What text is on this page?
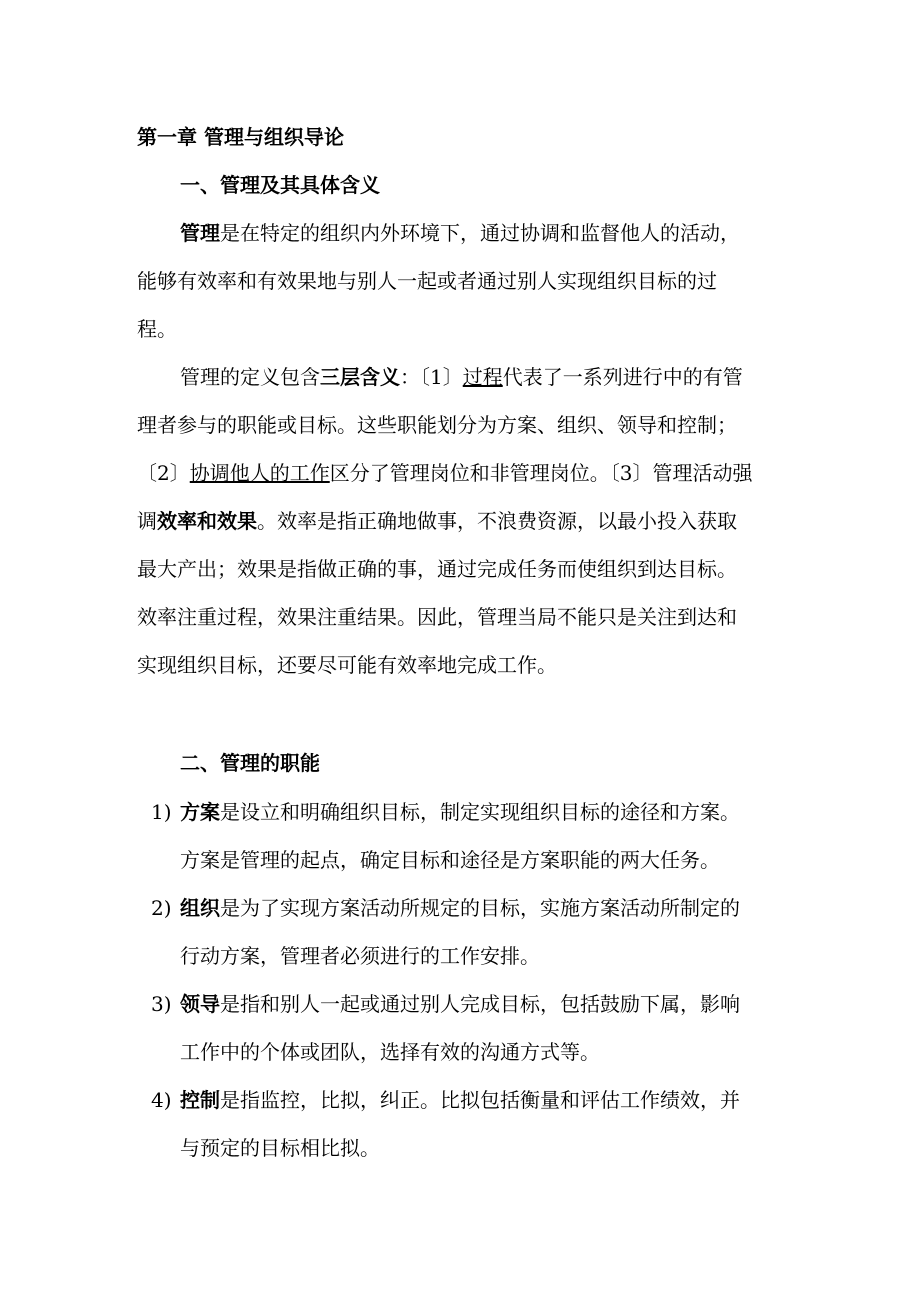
第一章 管理与组织导论
一、管理及其具体含义
管理是在特定的组织内外环境下，通过协调和监督他人的活动，
能够有效率和有效果地与别人一起或者通过别人实现组织目标的过
程。
管理的定义包含三层含义：〔1〕过程代表了一系列进行中的有管
理者参与的职能或目标。这些职能划分为方案、组织、领导和控制；
〔2〕协调他人的工作区分了管理岗位和非管理岗位。〔3〕管理活动强
调效率和效果。效率是指正确地做事，不浪费资源，以最小投入获取
最大产出；效果是指做正确的事，通过完成任务而使组织到达目标。
效率注重过程，效果注重结果。因此，管理当局不能只是关注到达和
实现组织目标，还要尽可能有效率地完成工作。
二、管理的职能
1) 方案是设立和明确组织目标，制定实现组织目标的途径和方案。
方案是管理的起点，确定目标和途径是方案职能的两大任务。
2) 组织是为了实现方案活动所规定的目标，实施方案活动所制定的
行动方案，管理者必须进行的工作安排。
3) 领导是指和别人一起或通过别人完成目标，包括鼓励下属，影响
工作中的个体或团队，选择有效的沟通方式等。
4) 控制是指监控，比拟，纠正。比拟包括衡量和评估工作绩效，并
与预定的目标相比拟。
